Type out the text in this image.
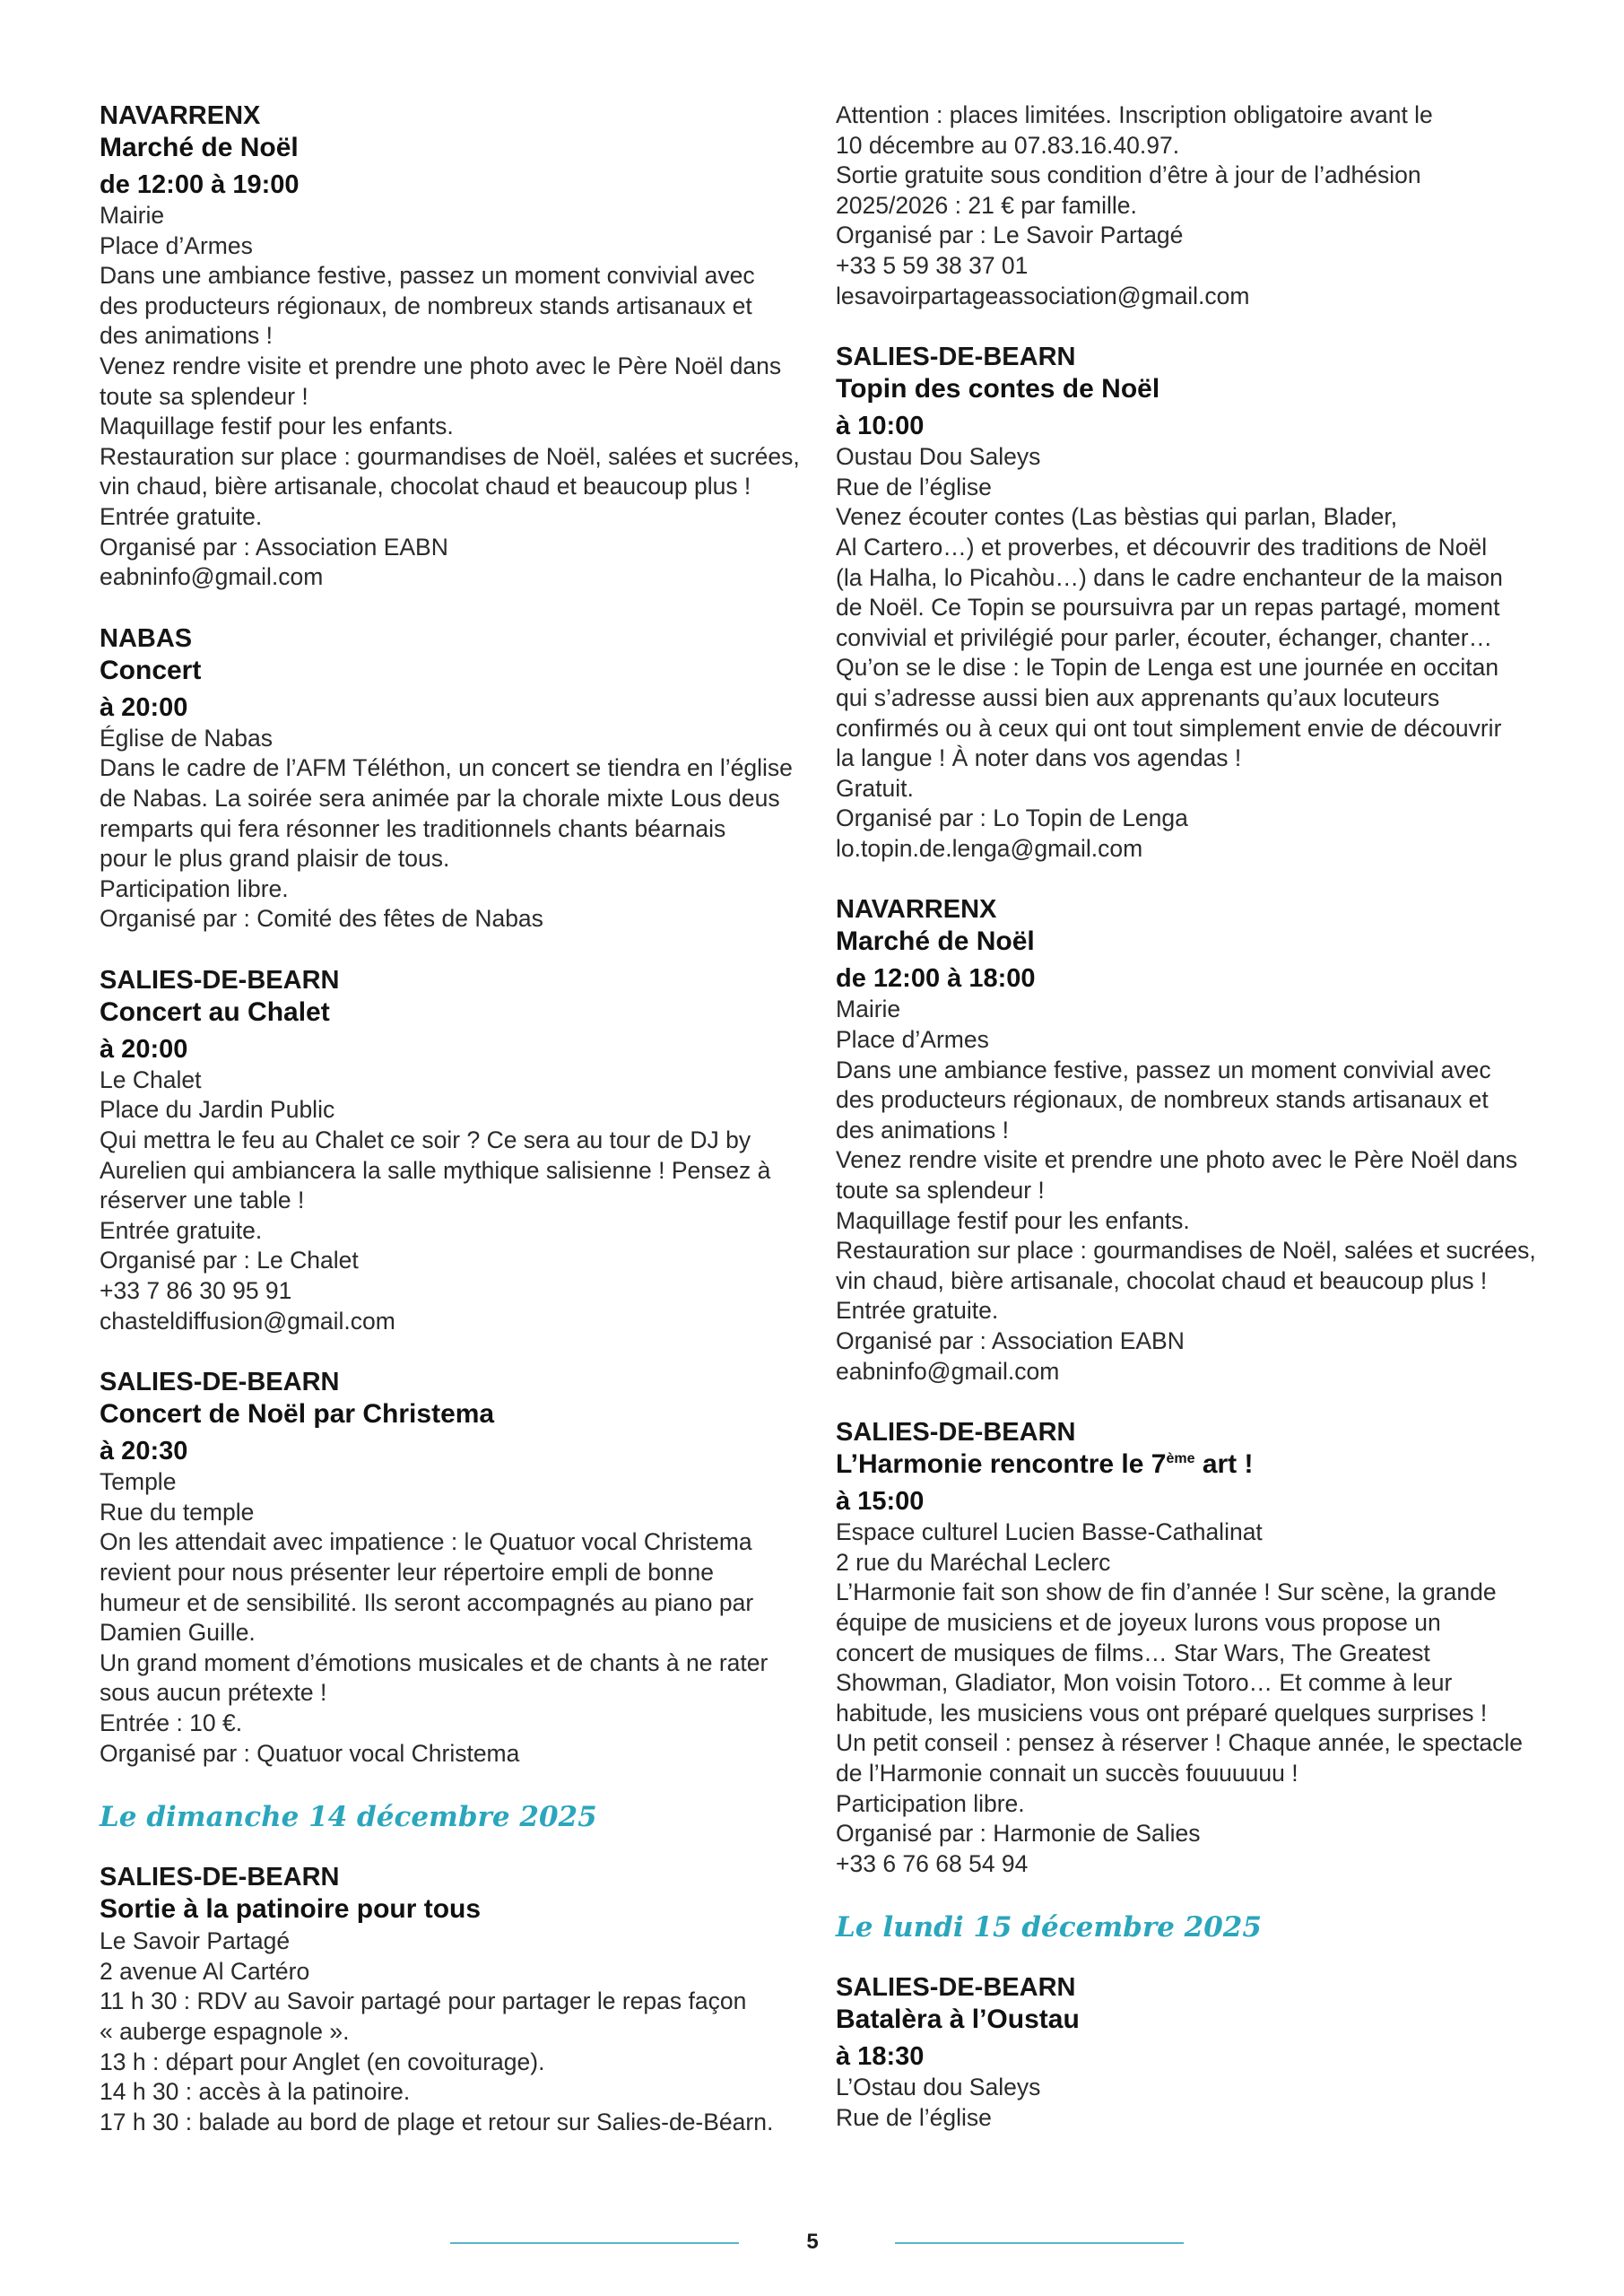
NAVARRENX
Marché de Noël
de 12:00 à 19:00
Mairie
Place d’Armes
Dans une ambiance festive, passez un moment convivial avec
des producteurs régionaux, de nombreux stands artisanaux et
des animations !
Venez rendre visite et prendre une photo avec le Père Noël dans
toute sa splendeur !
Maquillage festif pour les enfants.
Restauration sur place : gourmandises de Noël, salées et sucrées,
vin chaud, bière artisanale, chocolat chaud et beaucoup plus !
Entrée gratuite.
Organisé par : Association EABN
eabninfo@gmail.com
NABAS
Concert
à 20:00
Église de Nabas
Dans le cadre de l’AFM Téléthon, un concert se tiendra en l’église
de Nabas. La soirée sera animée par la chorale mixte Lous deus
remparts qui fera résonner les traditionnels chants béarnais
pour le plus grand plaisir de tous.
Participation libre.
Organisé par : Comité des fêtes de Nabas
SALIES-DE-BEARN
Concert au Chalet
à 20:00
Le Chalet
Place du Jardin Public
Qui mettra le feu au Chalet ce soir ? Ce sera au tour de DJ by
Aurelien qui ambiancera la salle mythique salisienne ! Pensez à
réserver une table !
Entrée gratuite.
Organisé par : Le Chalet
+33 7 86 30 95 91
chasteldiffusion@gmail.com
SALIES-DE-BEARN
Concert de Noël par Christema
à 20:30
Temple
Rue du temple
On les attendait avec impatience : le Quatuor vocal Christema
revient pour nous présenter leur répertoire empli de bonne
humeur et de sensibilité. Ils seront accompagnés au piano par
Damien Guille.
Un grand moment d’émotions musicales et de chants à ne rater
sous aucun prétexte !
Entrée : 10 €.
Organisé par : Quatuor vocal Christema
Le dimanche 14 décembre 2025
SALIES-DE-BEARN
Sortie à la patinoire pour tous
Le Savoir Partagé
2 avenue Al Cartéro
11 h 30 : RDV au Savoir partagé pour partager le repas façon
« auberge espagnole ».
13 h : départ pour Anglet (en covoiturage).
14 h 30 : accès à la patinoire.
17 h 30 : balade au bord de plage et retour sur Salies-de-Béarn.
Attention : places limitées. Inscription obligatoire avant le
10 décembre au 07.83.16.40.97.
Sortie gratuite sous condition d’être à jour de l’adhésion
2025/2026 : 21 € par famille.
Organisé par : Le Savoir Partagé
+33 5 59 38 37 01
lesavoirpartageassociation@gmail.com
SALIES-DE-BEARN
Topin des contes de Noël
à 10:00
Oustau Dou Saleys
Rue de l’église
Venez écouter contes (Las bèstias qui parlan, Blader,
Al Cartero…) et proverbes, et découvrir des traditions de Noël
(la Halha, lo Picahòu…) dans le cadre enchanteur de la maison
de Noël. Ce Topin se poursuivra par un repas partagé, moment
convivial et privilégié pour parler, écouter, échanger, chanter…
Qu’on se le dise : le Topin de Lenga est une journée en occitan
qui s’adresse aussi bien aux apprenants qu’aux locuteurs
confirmés ou à ceux qui ont tout simplement envie de découvrir
la langue ! À noter dans vos agendas !
Gratuit.
Organisé par : Lo Topin de Lenga
lo.topin.de.lenga@gmail.com
NAVARRENX
Marché de Noël
de 12:00 à 18:00
Mairie
Place d’Armes
Dans une ambiance festive, passez un moment convivial avec
des producteurs régionaux, de nombreux stands artisanaux et
des animations !
Venez rendre visite et prendre une photo avec le Père Noël dans
toute sa splendeur !
Maquillage festif pour les enfants.
Restauration sur place : gourmandises de Noël, salées et sucrées,
vin chaud, bière artisanale, chocolat chaud et beaucoup plus !
Entrée gratuite.
Organisé par : Association EABN
eabninfo@gmail.com
SALIES-DE-BEARN
L’Harmonie rencontre le 7ème art !
à 15:00
Espace culturel Lucien Basse-Cathalinat
2 rue du Maréchal Leclerc
L’Harmonie fait son show de fin d’année ! Sur scène, la grande
équipe de musiciens et de joyeux lurons vous propose un
concert de musiques de films… Star Wars, The Greatest
Showman, Gladiator, Mon voisin Totoro… Et comme à leur
habitude, les musiciens vous ont préparé quelques surprises !
Un petit conseil : pensez à réserver ! Chaque année, le spectacle
de l’Harmonie connait un succès fouuuuuu !
Participation libre.
Organisé par : Harmonie de Salies
+33 6 76 68 54 94
Le lundi 15 décembre 2025
SALIES-DE-BEARN
Batalèra à l’Oustau
à 18:30
L’Ostau dou Saleys
Rue de l’église
5
